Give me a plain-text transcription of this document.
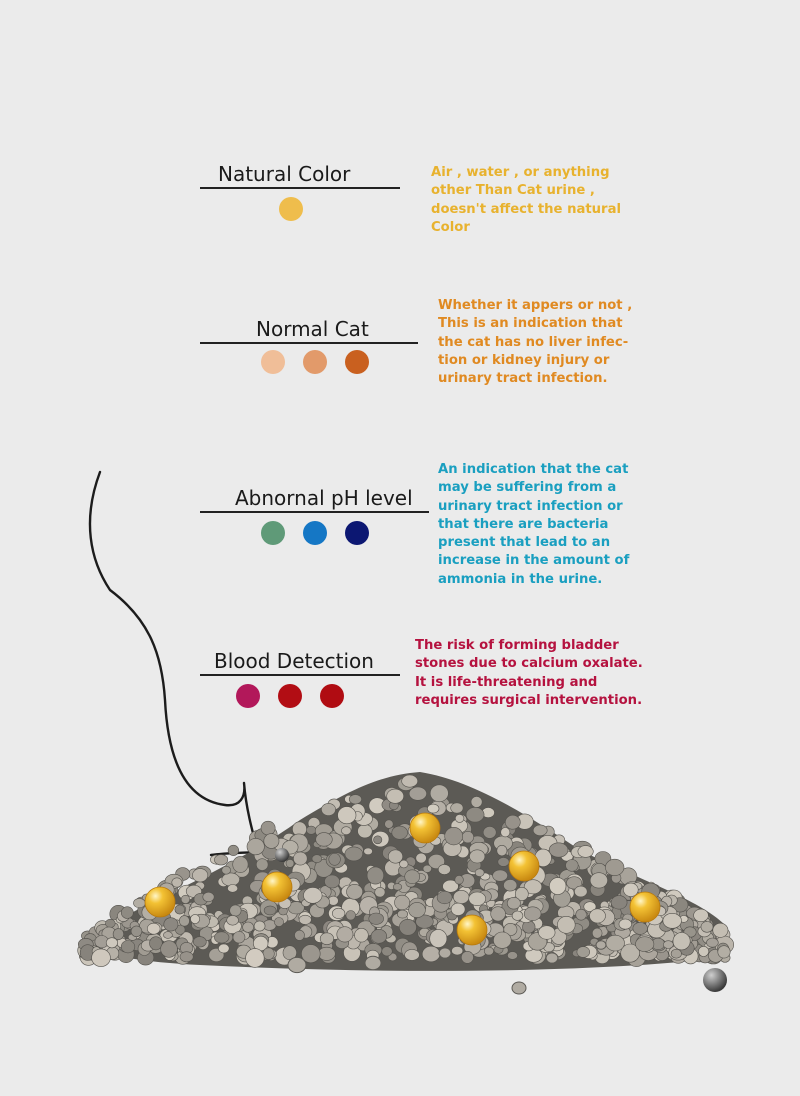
Natural Color	Air , water , or anything
other Than Cat urine ,
doesn't affect the natural
Color

Normal Cat

Whether it appers or not ,
This is an indication that
the cat has no liver infec-
tion or kidney injury or
urinary tract infection.

Abnornal pH level

An indication that the cat
may be suffering from a
urinary tract infection or
that there are bacteria
present that lead to an
increase in the amount of
ammonia in the urine.

Blood Detection

The risk of forming bladder
stones due to calcium oxalate.
It is life-threatening and
requires surgical intervention.
